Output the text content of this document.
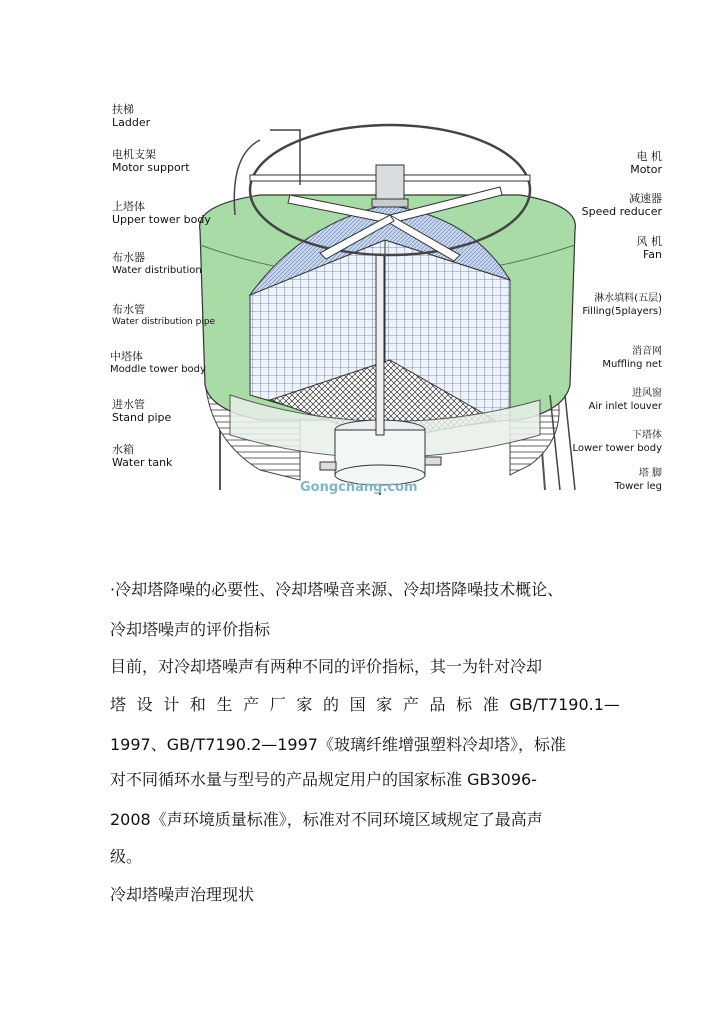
扶梯
Ladder
电机支架
Motor support
上塔体
Upper tower body
布水器
Water distribution
布水管
Water distribution pipe
中塔体
Moddle tower body
进水管
Stand pipe
水箱
Water tank
电 机
Motor
减速器
Speed reducer
风 机
Fan
淋水填料(五层)
Filling(5players)
消音网
Muffling net
进风窗
Air inlet louver
下塔体
Lower tower body
塔 脚
Tower leg
Gongchang.com
·冷却塔降噪的必要性、冷却塔噪音来源、冷却塔降噪技术概论、
冷却塔噪声的评价指标
目前，对冷却塔噪声有两种不同的评价指标，其一为针对冷却
塔 设 计 和 生 产 厂 家 的 国 家 产 品 标 准 GB/T7190.1—
1997、GB/T7190.2—1997《玻璃纤维增强塑料冷却塔》，标准
对不同循环水量与型号的产品规定用户的国家标准 GB3096-
2008《声环境质量标准》，标准对不同环境区域规定了最高声
级。
冷却塔噪声治理现状
